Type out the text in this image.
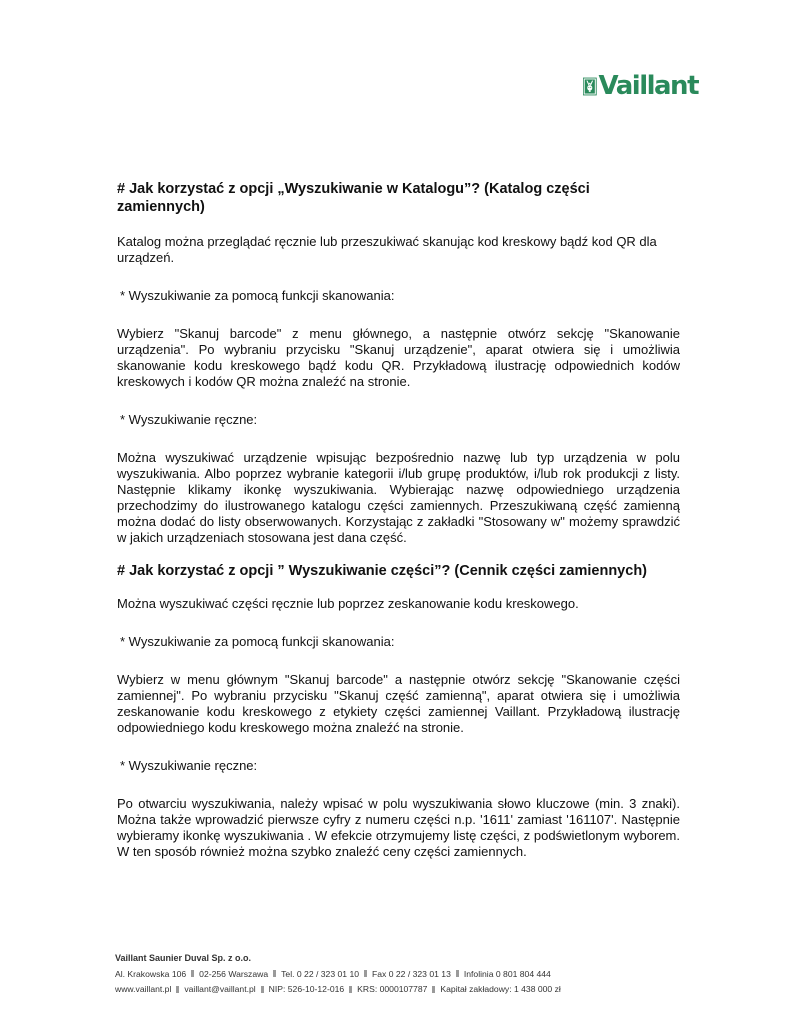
Vaillant
# Jak korzystać z opcji „Wyszukiwanie w Katalogu”? (Katalog części zamiennych)

Katalog można przeglądać ręcznie lub przeszukiwać skanując kod kreskowy bądź kod QR dla urządzeń.

* Wyszukiwanie za pomocą funkcji skanowania:

Wybierz "Skanuj barcode" z menu głównego, a następnie otwórz sekcję "Skanowanie urządzenia". Po wybraniu przycisku "Skanuj urządzenie", aparat otwiera się i umożliwia skanowanie kodu kreskowego bądź kodu QR. Przykładową ilustrację odpowiednich kodów kreskowych i kodów QR można znaleźć na stronie.

* Wyszukiwanie ręczne:

Można wyszukiwać urządzenie wpisując bezpośrednio nazwę lub typ urządzenia w polu wyszukiwania. Albo poprzez wybranie kategorii i/lub grupę produktów, i/lub rok produkcji z listy. Następnie klikamy ikonkę wyszukiwania. Wybierając nazwę odpowiedniego urządzenia przechodzimy do ilustrowanego katalogu części zamiennych. Przeszukiwaną część zamienną można dodać do listy obserwowanych. Korzystając z zakładki "Stosowany w" możemy sprawdzić w jakich urządzeniach stosowana jest dana część.

# Jak korzystać z opcji ” Wyszukiwanie części”? (Cennik części zamiennych)

Można wyszukiwać części ręcznie lub poprzez zeskanowanie kodu kreskowego.

* Wyszukiwanie za pomocą funkcji skanowania:

Wybierz w menu głównym "Skanuj barcode" a następnie otwórz sekcję "Skanowanie części zamiennej". Po wybraniu przycisku "Skanuj część zamienną", aparat otwiera się i umożliwia zeskanowanie kodu kreskowego z etykiety części zamiennej Vaillant. Przykładową ilustrację odpowiedniego kodu kreskowego można znaleźć na stronie.

* Wyszukiwanie ręczne:

Po otwarciu wyszukiwania, należy wpisać w polu wyszukiwania słowo kluczowe (min. 3 znaki). Można także wprowadzić pierwsze cyfry z numeru części n.p. '1611' zamiast '161107'. Następnie wybieramy ikonkę wyszukiwania . W efekcie otrzymujemy listę części, z podświetlonym wyborem. W ten sposób również można szybko znaleźć ceny części zamiennych.

Vaillant Saunier Duval Sp. z o.o.
Al. Krakowska 106 02-256 Warszawa Tel. 0 22 / 323 01 10 Fax 0 22 / 323 01 13 Infolinia 0 801 804 444
www.vaillant.pl vaillant@vaillant.pl NIP: 526-10-12-016 KRS: 0000107787 Kapitał zakładowy: 1 438 000 zł
